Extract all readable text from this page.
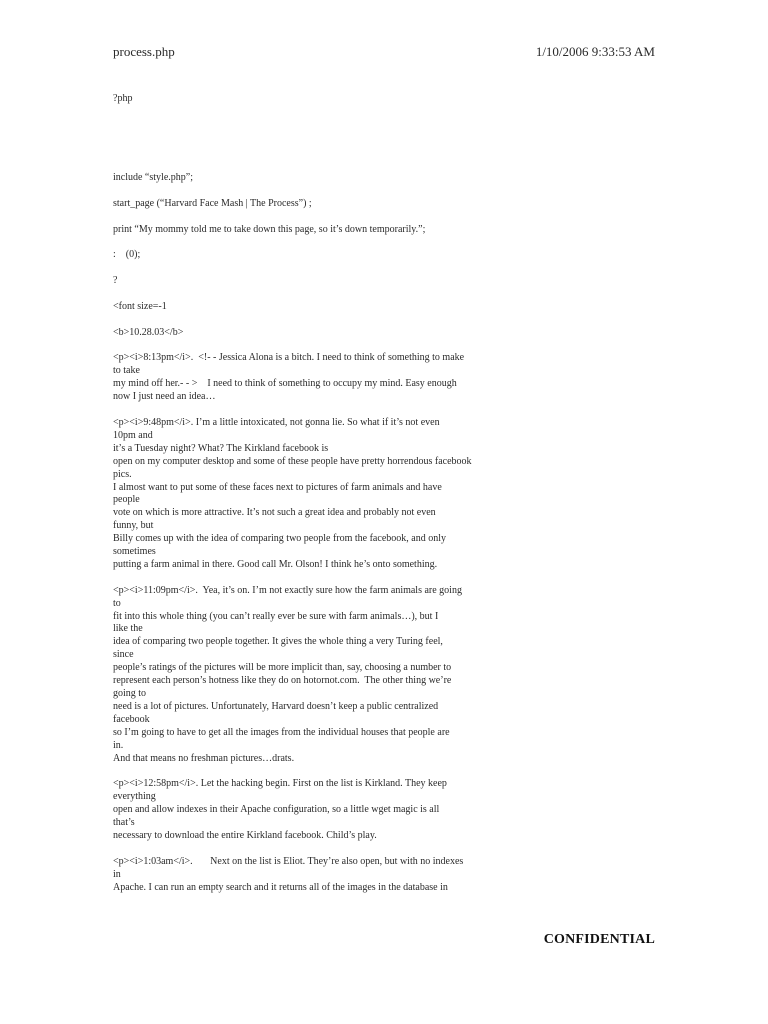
process.php	1/10/2006 9:33:53 AM
?php
include “style.php”;
start_page (“Harvard Face Mash | The Process”) ;
print “My mommy told me to take down this page, so it’s down temporarily.”;
:    (0);
?
<font size=-1
<b>10.28.03</b>
<p><i>8:13pm</i>.  <!- - Jessica Alona is a bitch. I need to think of something to make
to take
my mind off her.- - >    I need to think of something to occupy my mind. Easy enough
now I just need an idea…
<p><i>9:48pm</i>. I’m a little intoxicated, not gonna lie. So what if it’s not even
10pm and
it’s a Tuesday night? What? The Kirkland facebook is
open on my computer desktop and some of these people have pretty horrendous facebook
pics.
I almost want to put some of these faces next to pictures of farm animals and have
people
vote on which is more attractive. It’s not such a great idea and probably not even
funny, but
Billy comes up with the idea of comparing two people from the facebook, and only
sometimes
putting a farm animal in there. Good call Mr. Olson! I think he’s onto something.
<p><i>11:09pm</i>.  Yea, it’s on. I’m not exactly sure how the farm animals are going
to
fit into this whole thing (you can’t really ever be sure with farm animals…), but I
like the
idea of comparing two people together. It gives the whole thing a very Turing feel,
since
people’s ratings of the pictures will be more implicit than, say, choosing a number to
represent each person’s hotness like they do on hotornot.com.  The other thing we’re
going to
need is a lot of pictures. Unfortunately, Harvard doesn’t keep a public centralized
facebook
so I’m going to have to get all the images from the individual houses that people are
in.
And that means no freshman pictures…drats.
<p><i>12:58pm</i>. Let the hacking begin. First on the list is Kirkland. They keep
everything
open and allow indexes in their Apache configuration, so a little wget magic is all
that’s
necessary to download the entire Kirkland facebook. Child’s play.
<p><i>1:03am</i>.       Next on the list is Eliot. They’re also open, but with no indexes
in
Apache. I can run an empty search and it returns all of the images in the database in
CONFIDENTIAL
